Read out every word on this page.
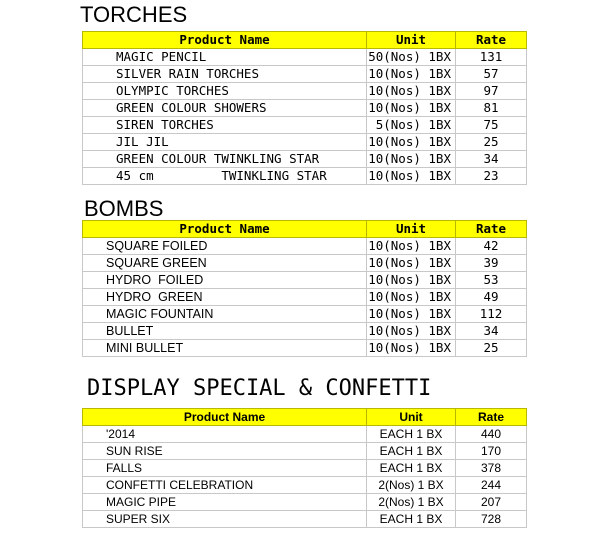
TORCHES
Product Name	Unit	Rate
MAGIC PENCIL	50(Nos) 1BX	131
SILVER RAIN TORCHES	10(Nos) 1BX	57
OLYMPIC TORCHES	10(Nos) 1BX	97
GREEN COLOUR SHOWERS	10(Nos) 1BX	81
SIREN TORCHES	5(Nos) 1BX	75
JIL JIL	10(Nos) 1BX	25
GREEN COLOUR TWINKLING STAR	10(Nos) 1BX	34
45 cm         TWINKLING STAR	10(Nos) 1BX	23
BOMBS
Product Name	Unit	Rate
SQUARE FOILED	10(Nos) 1BX	42
SQUARE GREEN	10(Nos) 1BX	39
HYDRO  FOILED	10(Nos) 1BX	53
HYDRO  GREEN	10(Nos) 1BX	49
MAGIC FOUNTAIN	10(Nos) 1BX	112
BULLET	10(Nos) 1BX	34
MINI BULLET	10(Nos) 1BX	25
DISPLAY SPECIAL & CONFETTI
Product Name	Unit	Rate
'2014	EACH 1 BX	440
SUN RISE	EACH 1 BX	170
FALLS	EACH 1 BX	378
CONFETTI CELEBRATION	2(Nos) 1 BX	244
MAGIC PIPE	2(Nos) 1 BX	207
SUPER SIX	EACH 1 BX	728
